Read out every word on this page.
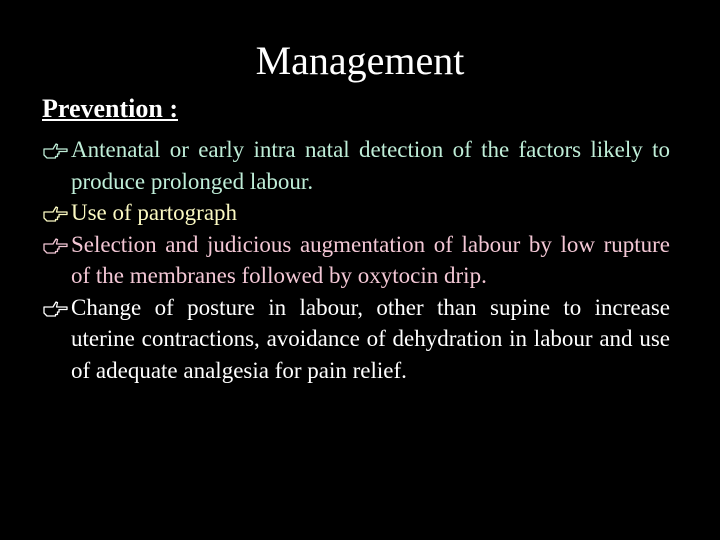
Management
Prevention :
Antenatal or early intra natal detection of the factors likely to produce prolonged labour.
Use of partograph
Selection and judicious augmentation of labour by low rupture of the membranes followed by oxytocin drip.
Change of posture in labour, other than supine to increase uterine contractions, avoidance of dehydration in labour and use of adequate analgesia for pain relief.
